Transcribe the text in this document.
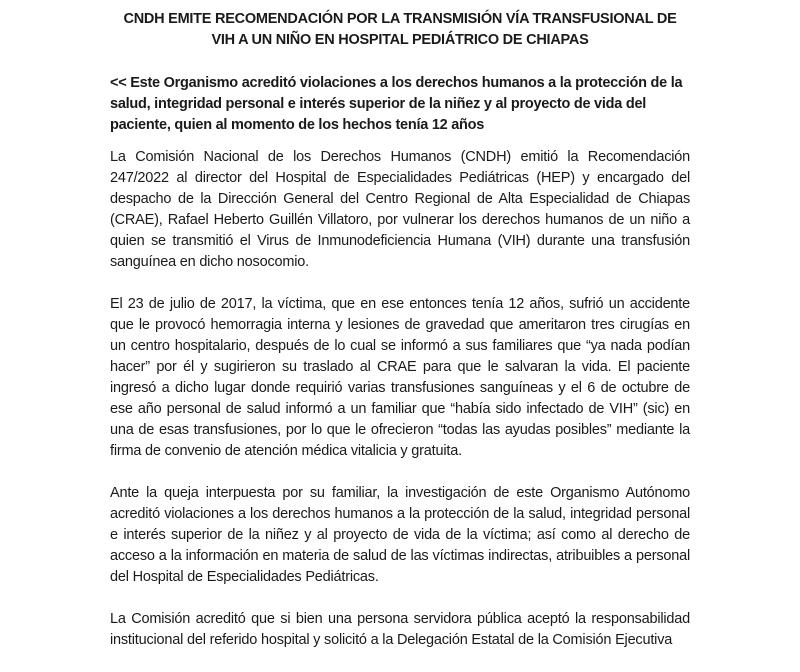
CNDH EMITE RECOMENDACIÓN POR LA TRANSMISIÓN VÍA TRANSFUSIONAL DE VIH A UN NIÑO EN HOSPITAL PEDIÁTRICO DE CHIAPAS

<< Este Organismo acreditó violaciones a los derechos humanos a la protección de la salud, integridad personal e interés superior de la niñez y al proyecto de vida del paciente, quien al momento de los hechos tenía 12 años

La Comisión Nacional de los Derechos Humanos (CNDH) emitió la Recomendación 247/2022 al director del Hospital de Especialidades Pediátricas (HEP) y encargado del despacho de la Dirección General del Centro Regional de Alta Especialidad de Chiapas (CRAE), Rafael Heberto Guillén Villatoro, por vulnerar los derechos humanos de un niño a quien se transmitió el Virus de Inmunodeficiencia Humana (VIH) durante una transfusión sanguínea en dicho nosocomio.

El 23 de julio de 2017, la víctima, que en ese entonces tenía 12 años, sufrió un accidente que le provocó hemorragia interna y lesiones de gravedad que ameritaron tres cirugías en un centro hospitalario, después de lo cual se informó a sus familiares que “ya nada podían hacer” por él y sugirieron su traslado al CRAE para que le salvaran la vida. El paciente ingresó a dicho lugar donde requirió varias transfusiones sanguíneas y el 6 de octubre de ese año personal de salud informó a un familiar que “había sido infectado de VIH” (sic) en una de esas transfusiones, por lo que le ofrecieron “todas las ayudas posibles” mediante la firma de convenio de atención médica vitalicia y gratuita.

Ante la queja interpuesta por su familiar, la investigación de este Organismo Autónomo acreditó violaciones a los derechos humanos a la protección de la salud, integridad personal e interés superior de la niñez y al proyecto de vida de la víctima; así como al derecho de acceso a la información en materia de salud de las víctimas indirectas, atribuibles a personal del Hospital de Especialidades Pediátricas.

La Comisión acreditó que si bien una persona servidora pública aceptó la responsabilidad institucional del referido hospital y solicitó a la Delegación Estatal de la Comisión Ejecutiva
